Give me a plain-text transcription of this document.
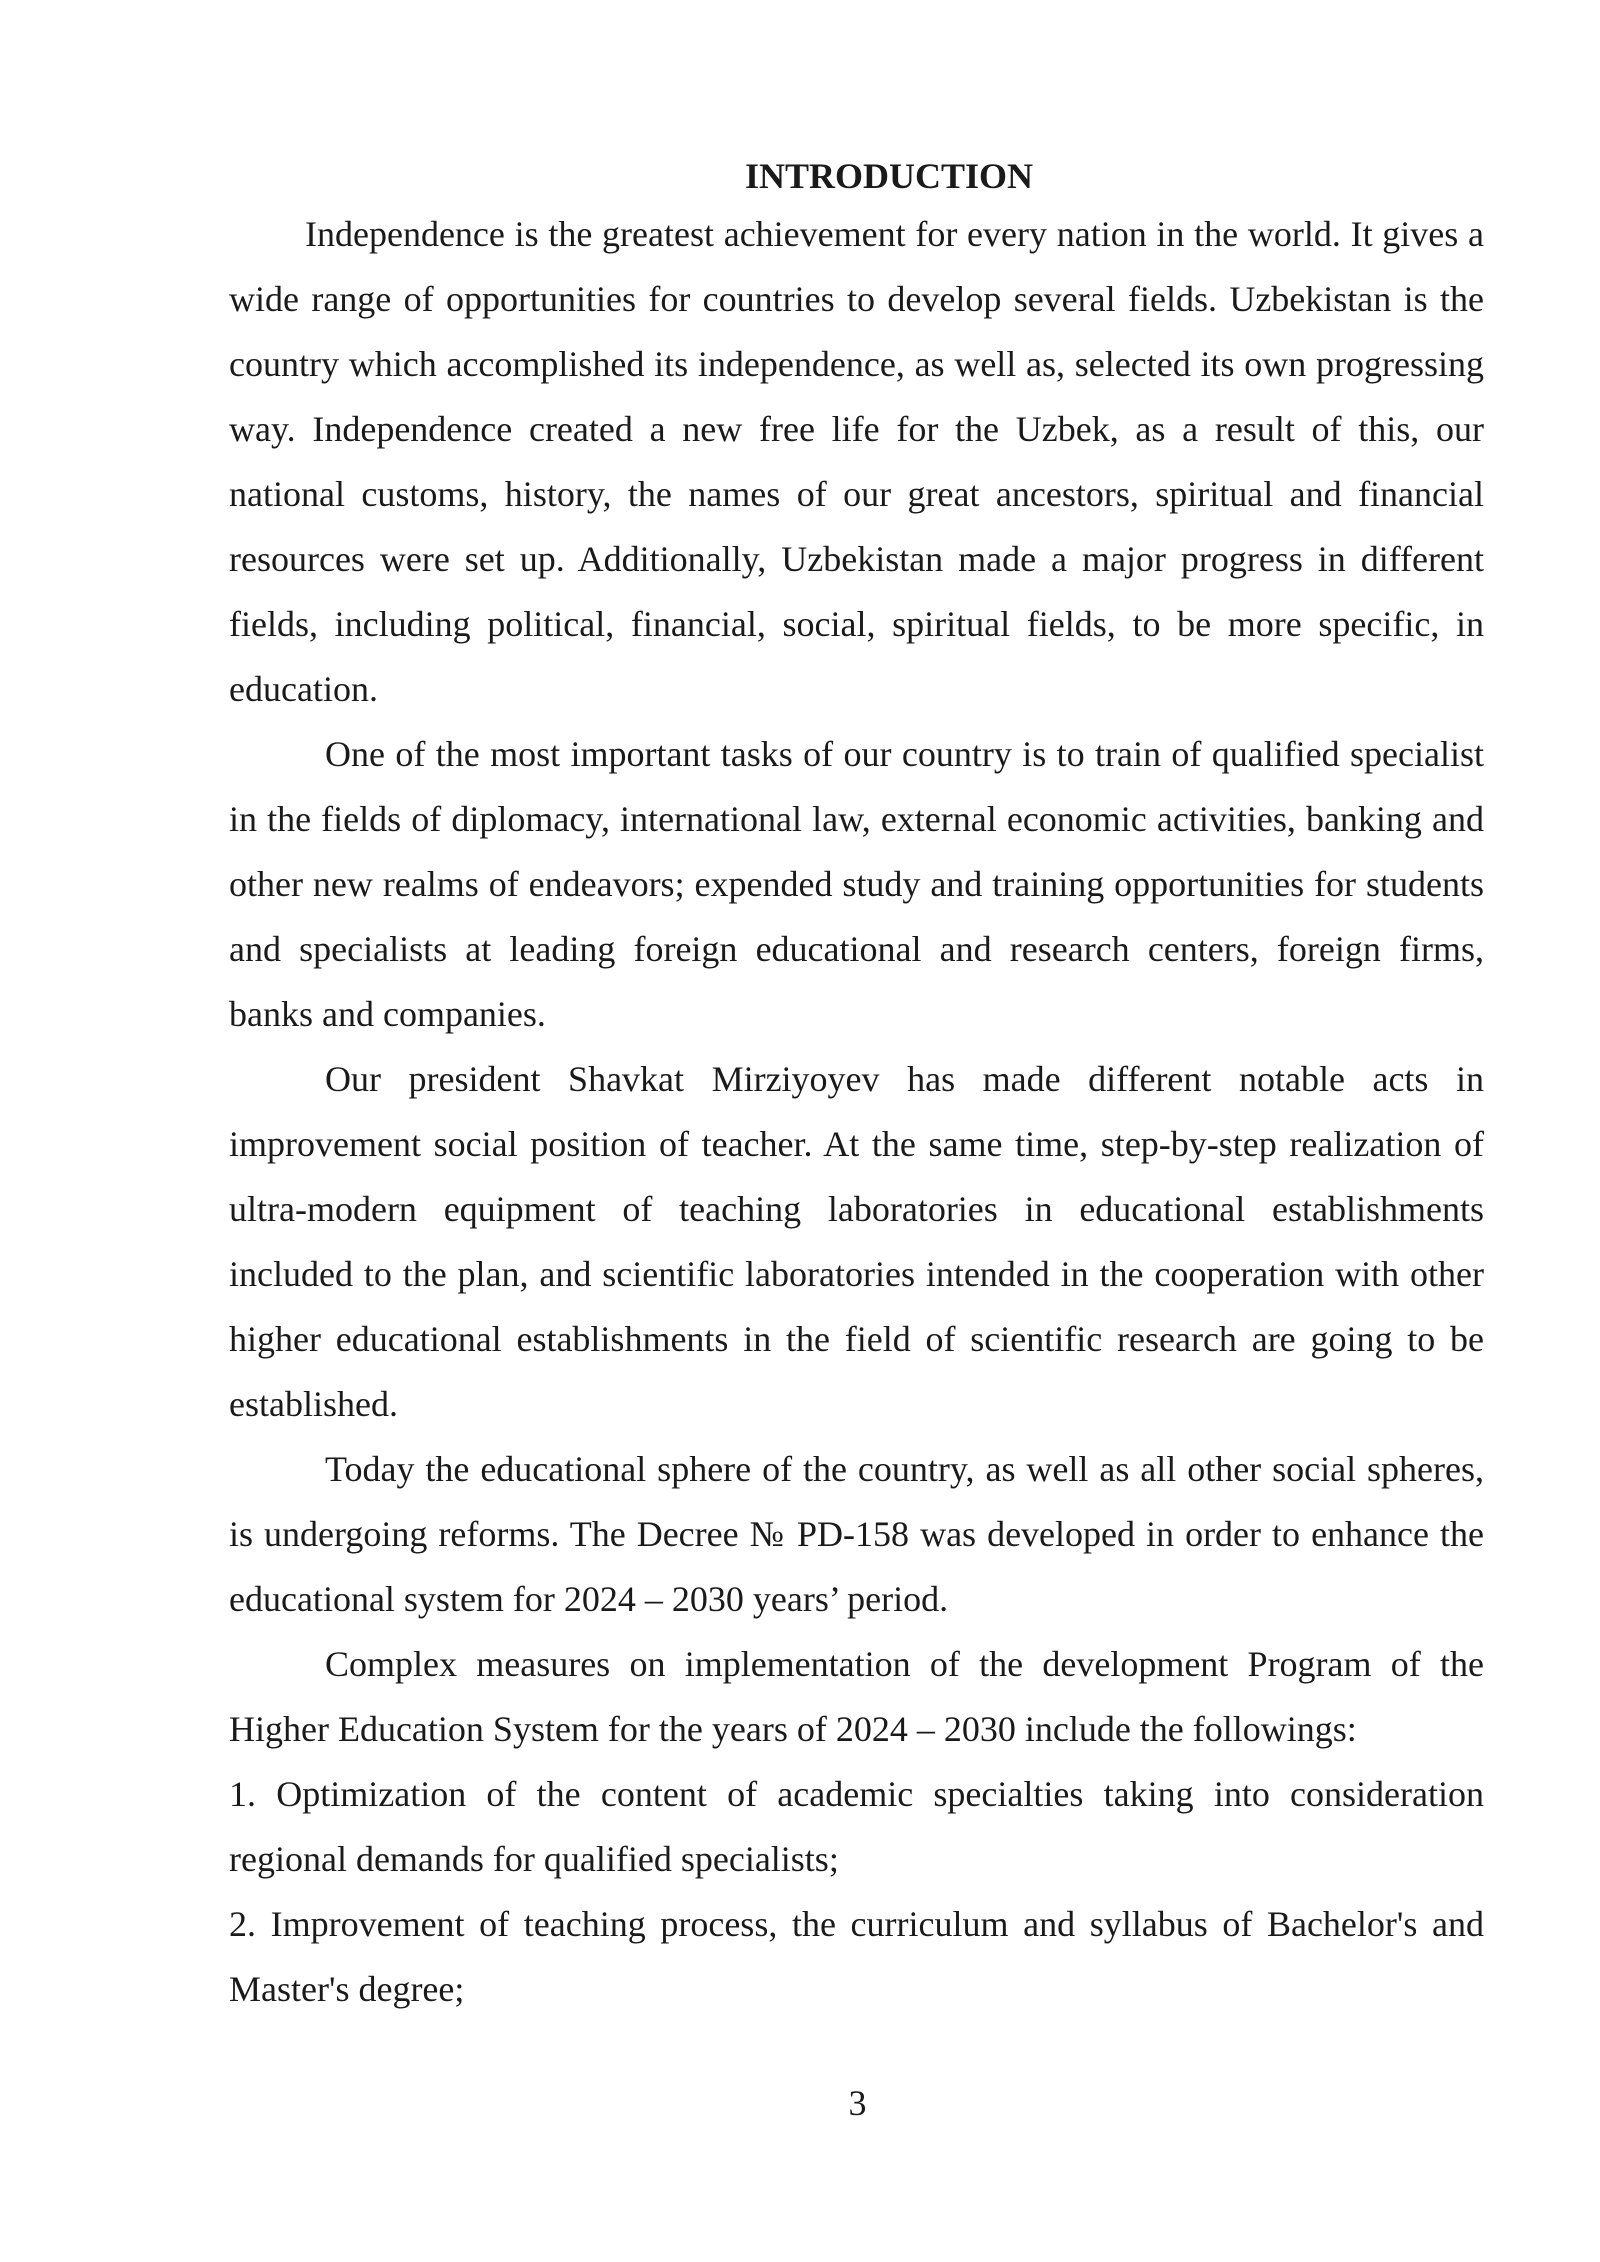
INTRODUCTION

Independence is the greatest achievement for every nation in the world. It gives a wide range of opportunities for countries to develop several fields. Uzbekistan is the country which accomplished its independence, as well as, selected its own progressing way. Independence created a new free life for the Uzbek, as a result of this, our national customs, history, the names of our great ancestors, spiritual and financial resources were set up. Additionally, Uzbekistan made a major progress in different fields, including political, financial, social, spiritual fields, to be more specific, in education.

One of the most important tasks of our country is to train of qualified specialist in the fields of diplomacy, international law, external economic activities, banking and other new realms of endeavors; expended study and training opportunities for students and specialists at leading foreign educational and research centers, foreign firms, banks and companies.

Our president Shavkat Mirziyoyev has made different notable acts in improvement social position of teacher. At the same time, step-by-step realization of ultra-modern equipment of teaching laboratories in educational establishments included to the plan, and scientific laboratories intended in the cooperation with other higher educational establishments in the field of scientific research are going to be established.

Today the educational sphere of the country, as well as all other social spheres, is undergoing reforms. The Decree № PD-158 was developed in order to enhance the educational system for 2024 – 2030 years’ period.

Complex measures on implementation of the development Program of the Higher Education System for the years of 2024 – 2030 include the followings:

1. Optimization of the content of academic specialties taking into consideration regional demands for qualified specialists;

2. Improvement of teaching process, the curriculum and syllabus of Bachelor's and Master's degree;

3
